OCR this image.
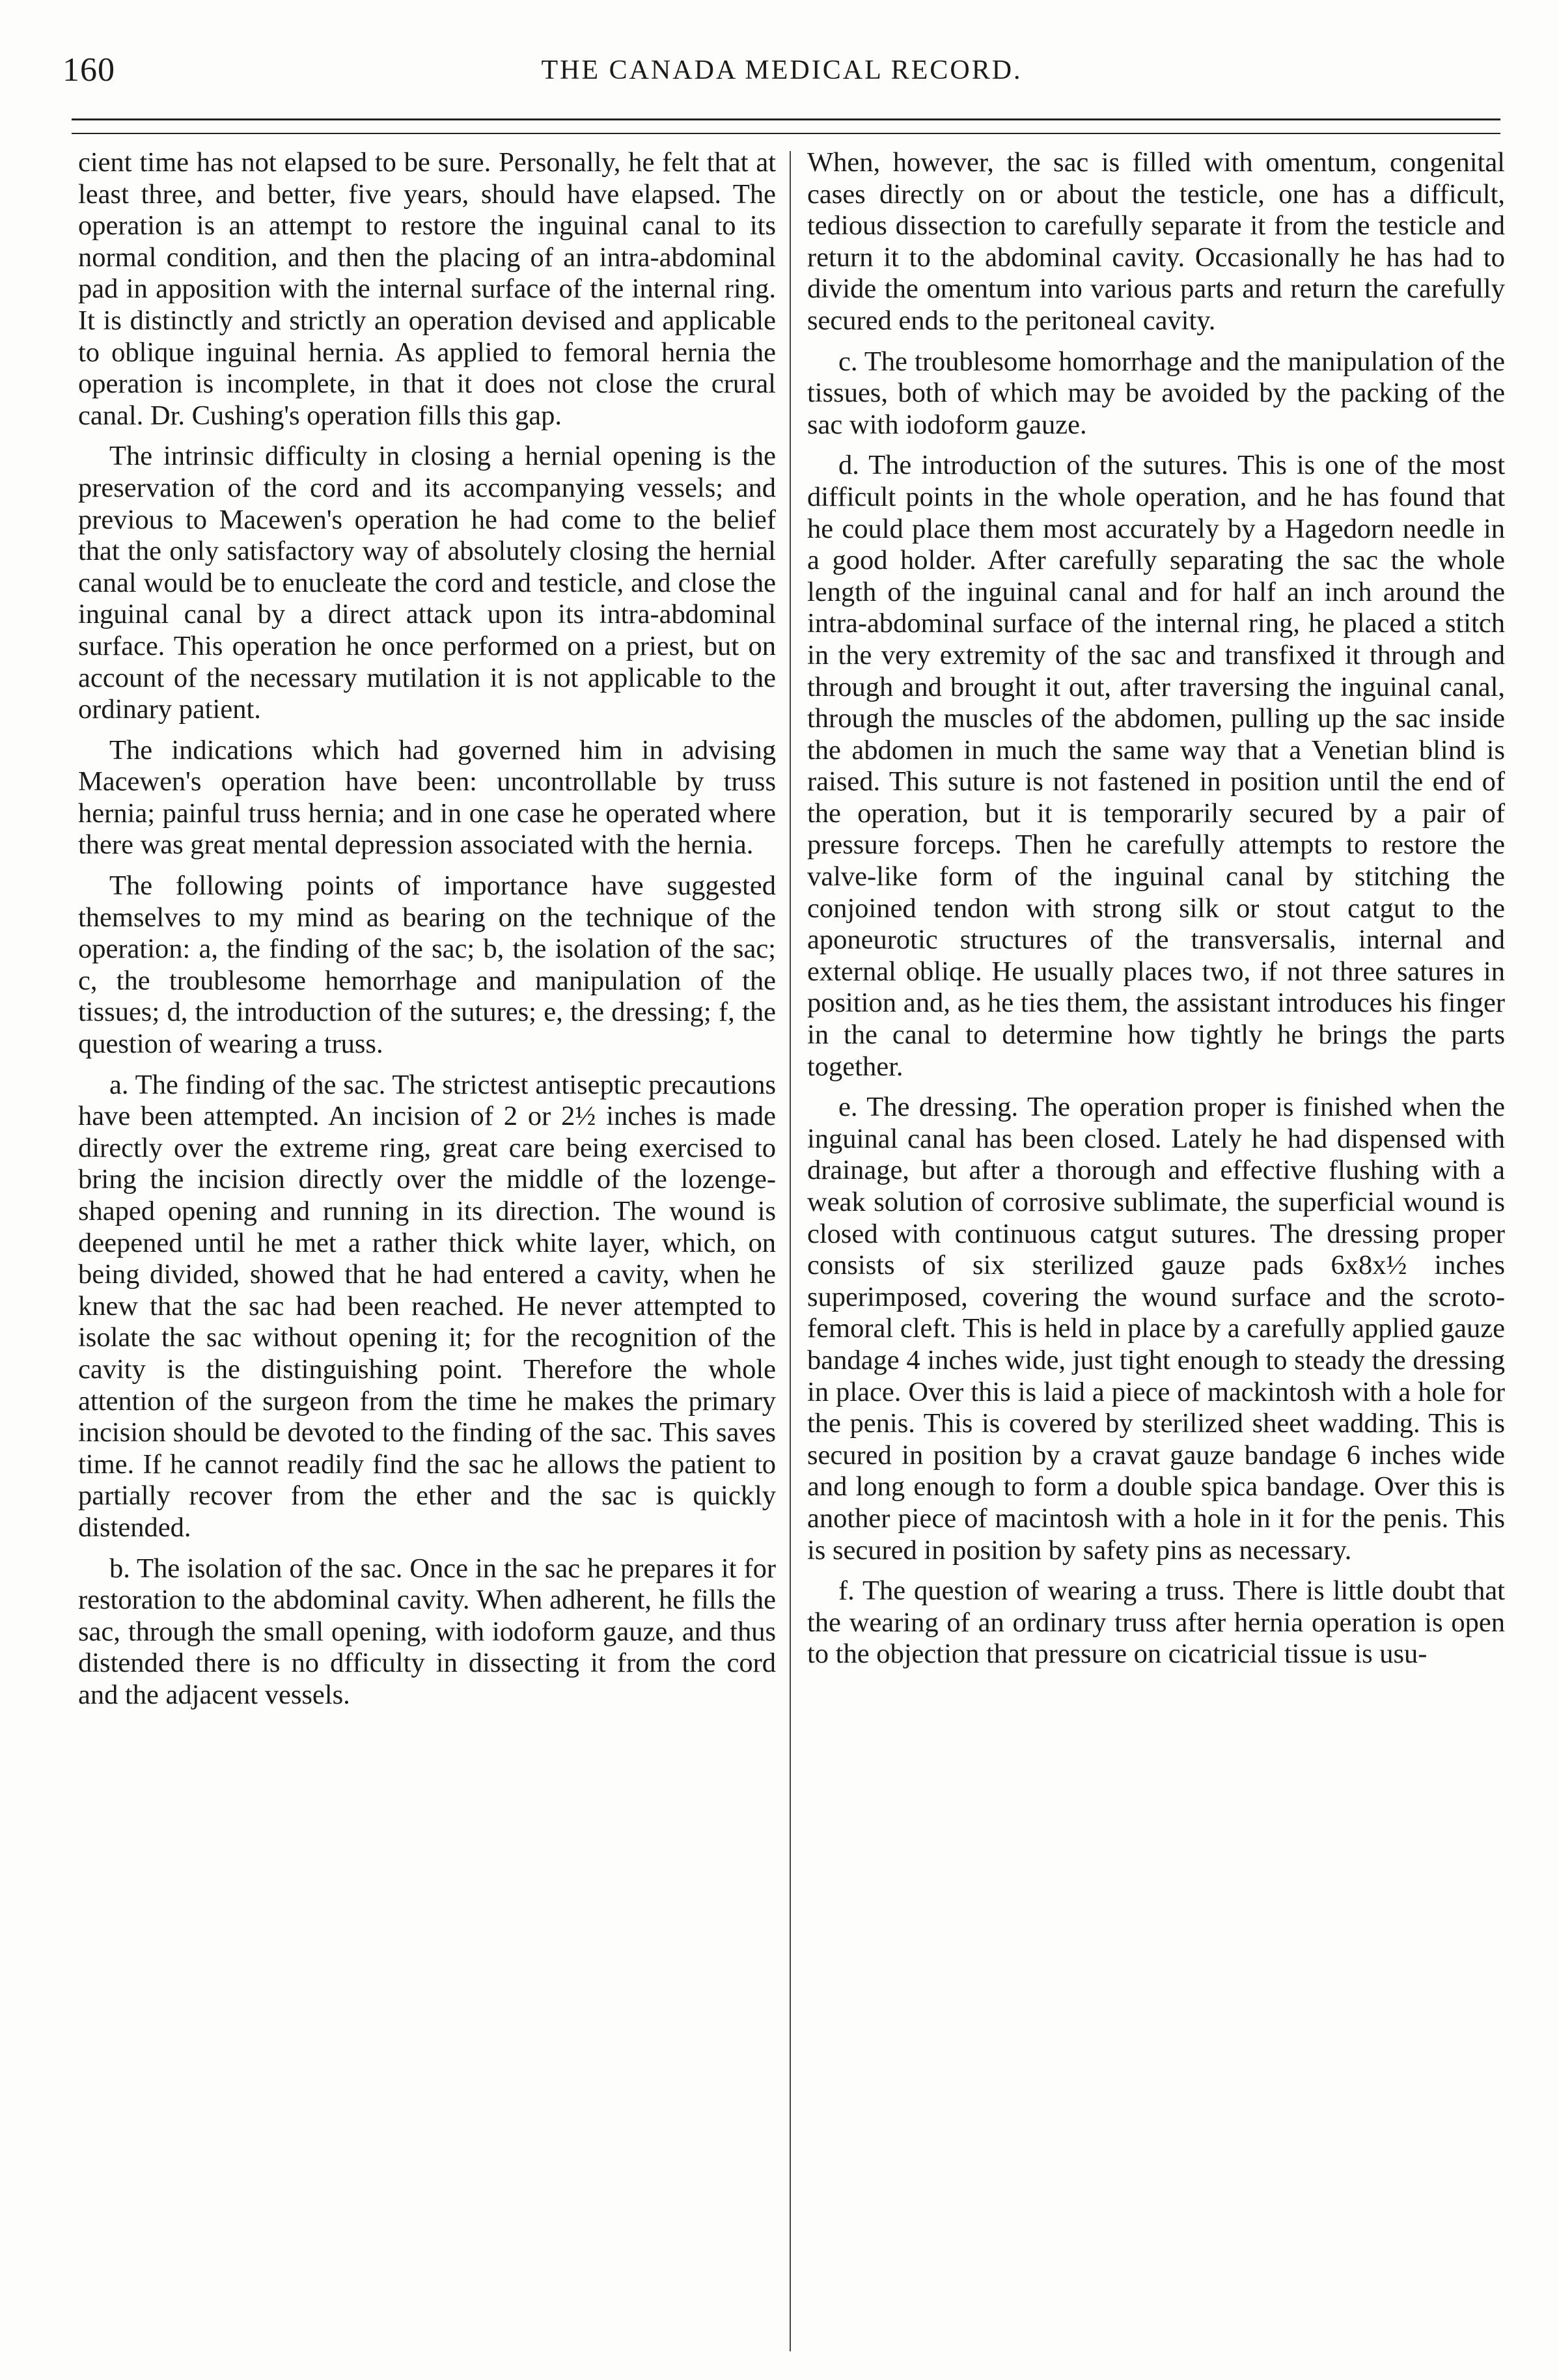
160	THE CANADA MEDICAL RECORD.

cient time has not elapsed to be sure. Personally, he felt that at least three, and better, five years, should have elapsed. The operation is an attempt to restore the inguinal canal to its normal condition, and then the placing of an intra-abdominal pad in apposition with the internal surface of the internal ring. It is distinctly and strictly an operation devised and applicable to oblique inguinal hernia. As applied to femoral hernia the operation is incomplete, in that it does not close the crural canal. Dr. Cushing's operation fills this gap.

The intrinsic difficulty in closing a hernial opening is the preservation of the cord and its accompanying vessels; and previous to Macewen's operation he had come to the belief that the only satisfactory way of absolutely closing the hernial canal would be to enucleate the cord and testicle, and close the inguinal canal by a direct attack upon its intra-abdominal surface. This operation he once performed on a priest, but on account of the necessary mutilation it is not applicable to the ordinary patient.

The indications which had governed him in advising Macewen's operation have been: uncontrollable by truss hernia; painful truss hernia; and in one case he operated where there was great mental depression associated with the hernia.

The following points of importance have suggested themselves to my mind as bearing on the technique of the operation: a, the finding of the sac; b, the isolation of the sac; c, the troublesome hemorrhage and manipulation of the tissues; d, the introduction of the sutures; e, the dressing; f, the question of wearing a truss.

a. The finding of the sac. The strictest antiseptic precautions have been attempted. An incision of 2 or 2½ inches is made directly over the extreme ring, great care being exercised to bring the incision directly over the middle of the lozenge-shaped opening and running in its direction. The wound is deepened until he met a rather thick white layer, which, on being divided, showed that he had entered a cavity, when he knew that the sac had been reached. He never attempted to isolate the sac without opening it; for the recognition of the cavity is the distinguishing point. Therefore the whole attention of the surgeon from the time he makes the primary incision should be devoted to the finding of the sac. This saves time. If he cannot readily find the sac he allows the patient to partially recover from the ether and the sac is quickly distended.

b. The isolation of the sac. Once in the sac he prepares it for restoration to the abdominal cavity. When adherent, he fills the sac, through the small opening, with iodoform gauze, and thus distended there is no dfficulty in dissecting it from the cord and the adjacent vessels.

When, however, the sac is filled with omentum, congenital cases directly on or about the testicle, one has a difficult, tedious dissection to carefully separate it from the testicle and return it to the abdominal cavity. Occasionally he has had to divide the omentum into various parts and return the carefully secured ends to the peritoneal cavity.

c. The troublesome homorrhage and the manipulation of the tissues, both of which may be avoided by the packing of the sac with iodoform gauze.

d. The introduction of the sutures. This is one of the most difficult points in the whole operation, and he has found that he could place them most accurately by a Hagedorn needle in a good holder. After carefully separating the sac the whole length of the inguinal canal and for half an inch around the intra-abdominal surface of the internal ring, he placed a stitch in the very extremity of the sac and transfixed it through and through and brought it out, after traversing the inguinal canal, through the muscles of the abdomen, pulling up the sac inside the abdomen in much the same way that a Venetian blind is raised. This suture is not fastened in position until the end of the operation, but it is temporarily secured by a pair of pressure forceps. Then he carefully attempts to restore the valve-like form of the inguinal canal by stitching the conjoined tendon with strong silk or stout catgut to the aponeurotic structures of the transversalis, internal and external obliqe. He usually places two, if not three satures in position and, as he ties them, the assistant introduces his finger in the canal to determine how tightly he brings the parts together.

e. The dressing. The operation proper is finished when the inguinal canal has been closed. Lately he had dispensed with drainage, but after a thorough and effective flushing with a weak solution of corrosive sublimate, the superficial wound is closed with continuous catgut sutures. The dressing proper consists of six sterilized gauze pads 6x8x½ inches superimposed, covering the wound surface and the scroto-femoral cleft. This is held in place by a carefully applied gauze bandage 4 inches wide, just tight enough to steady the dressing in place. Over this is laid a piece of mackintosh with a hole for the penis. This is covered by sterilized sheet wadding. This is secured in position by a cravat gauze bandage 6 inches wide and long enough to form a double spica bandage. Over this is another piece of macintosh with a hole in it for the penis. This is secured in position by safety pins as necessary.

f. The question of wearing a truss. There is little doubt that the wearing of an ordinary truss after hernia operation is open to the objection that pressure on cicatricial tissue is usu-
